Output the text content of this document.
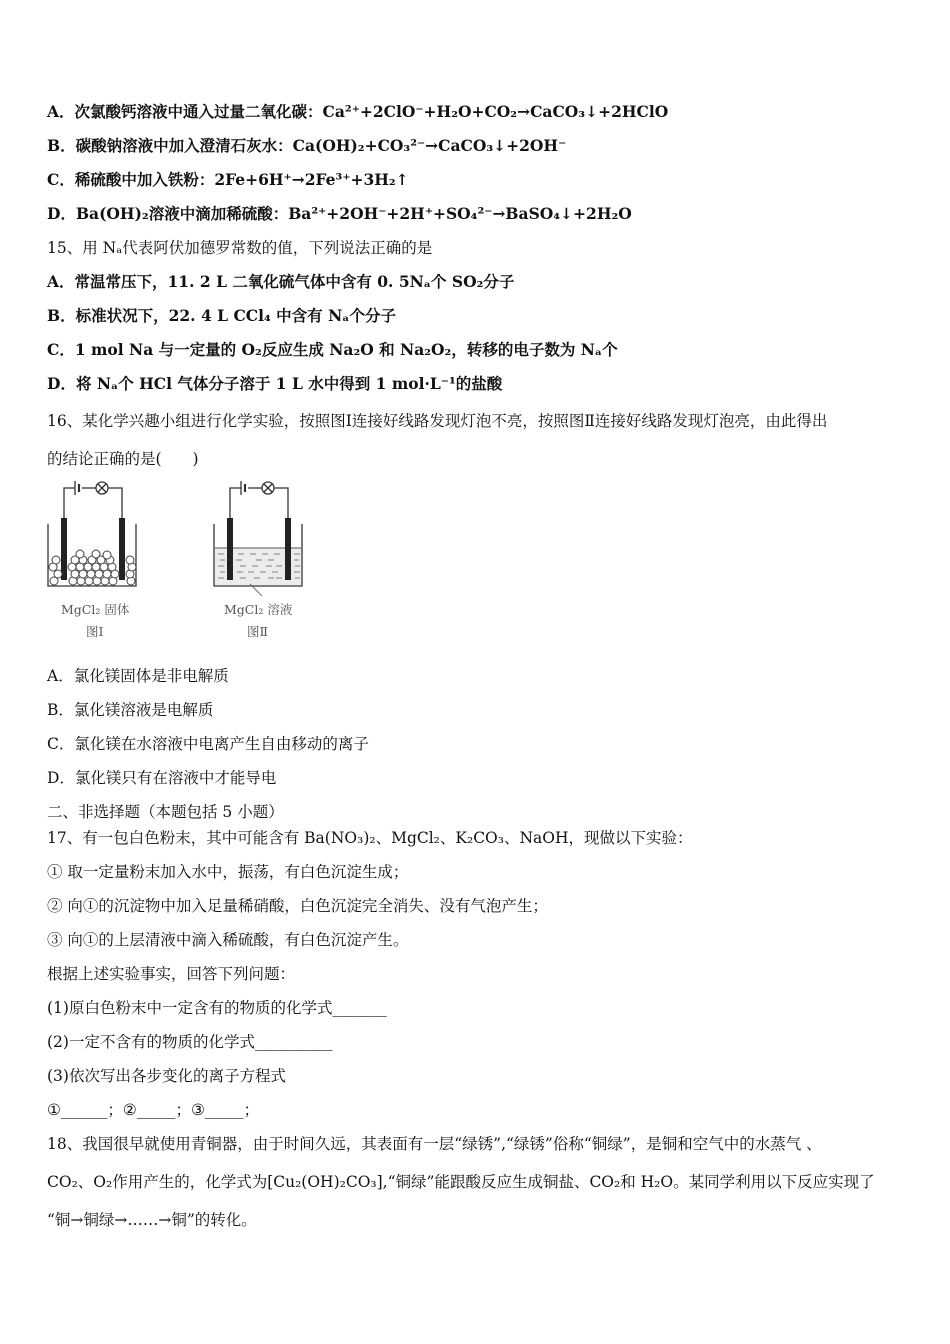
A．次氯酸钙溶液中通入过量二氧化碳：Ca²⁺+2ClO⁻+H₂O+CO₂→CaCO₃↓+2HClO
B．碳酸钠溶液中加入澄清石灰水：Ca(OH)₂+CO₃²⁻→CaCO₃↓+2OH⁻
C．稀硫酸中加入铁粉：2Fe+6H⁺→2Fe³⁺+3H₂↑
D．Ba(OH)₂溶液中滴加稀硫酸：Ba²⁺+2OH⁻+2H⁺+SO₄²⁻→BaSO₄↓+2H₂O
15、用 Nₐ代表阿伏加德罗常数的值，下列说法正确的是
A．常温常压下，11. 2 L 二氧化硫气体中含有 0. 5Nₐ个 SO₂分子
B．标准状况下，22. 4 L CCl₄ 中含有 Nₐ个分子
C．1 mol Na 与一定量的 O₂反应生成 Na₂O 和 Na₂O₂，转移的电子数为 Nₐ个
D．将 Nₐ个 HCl 气体分子溶于 1 L 水中得到 1 mol·L⁻¹的盐酸
16、某化学兴趣小组进行化学实验，按照图Ⅰ连接好线路发现灯泡不亮，按照图Ⅱ连接好线路发现灯泡亮，由此得出
的结论正确的是(　　)
MgCl₂ 固体
图Ⅰ
MgCl₂ 溶液
图Ⅱ
A．氯化镁固体是非电解质
B．氯化镁溶液是电解质
C．氯化镁在水溶液中电离产生自由移动的离子
D．氯化镁只有在溶液中才能导电
二、非选择题（本题包括 5 小题）
17、有一包白色粉末，其中可能含有 Ba(NO₃)₂、MgCl₂、K₂CO₃、NaOH，现做以下实验：
① 取一定量粉末加入水中，振荡，有白色沉淀生成；
② 向①的沉淀物中加入足量稀硝酸，白色沉淀完全消失、没有气泡产生；
③ 向①的上层清液中滴入稀硫酸，有白色沉淀产生。
根据上述实验事实，回答下列问题：
(1)原白色粉末中一定含有的物质的化学式_______
(2)一定不含有的物质的化学式__________
(3)依次写出各步变化的离子方程式
①______；②_____；③_____；
18、我国很早就使用青铜器，由于时间久远，其表面有一层“绿锈”,“绿锈”俗称“铜绿”，是铜和空气中的水蒸气 、
CO₂、O₂作用产生的，化学式为[Cu₂(OH)₂CO₃],“铜绿”能跟酸反应生成铜盐、CO₂和 H₂O。某同学利用以下反应实现了
“铜→铜绿→……→铜”的转化。
